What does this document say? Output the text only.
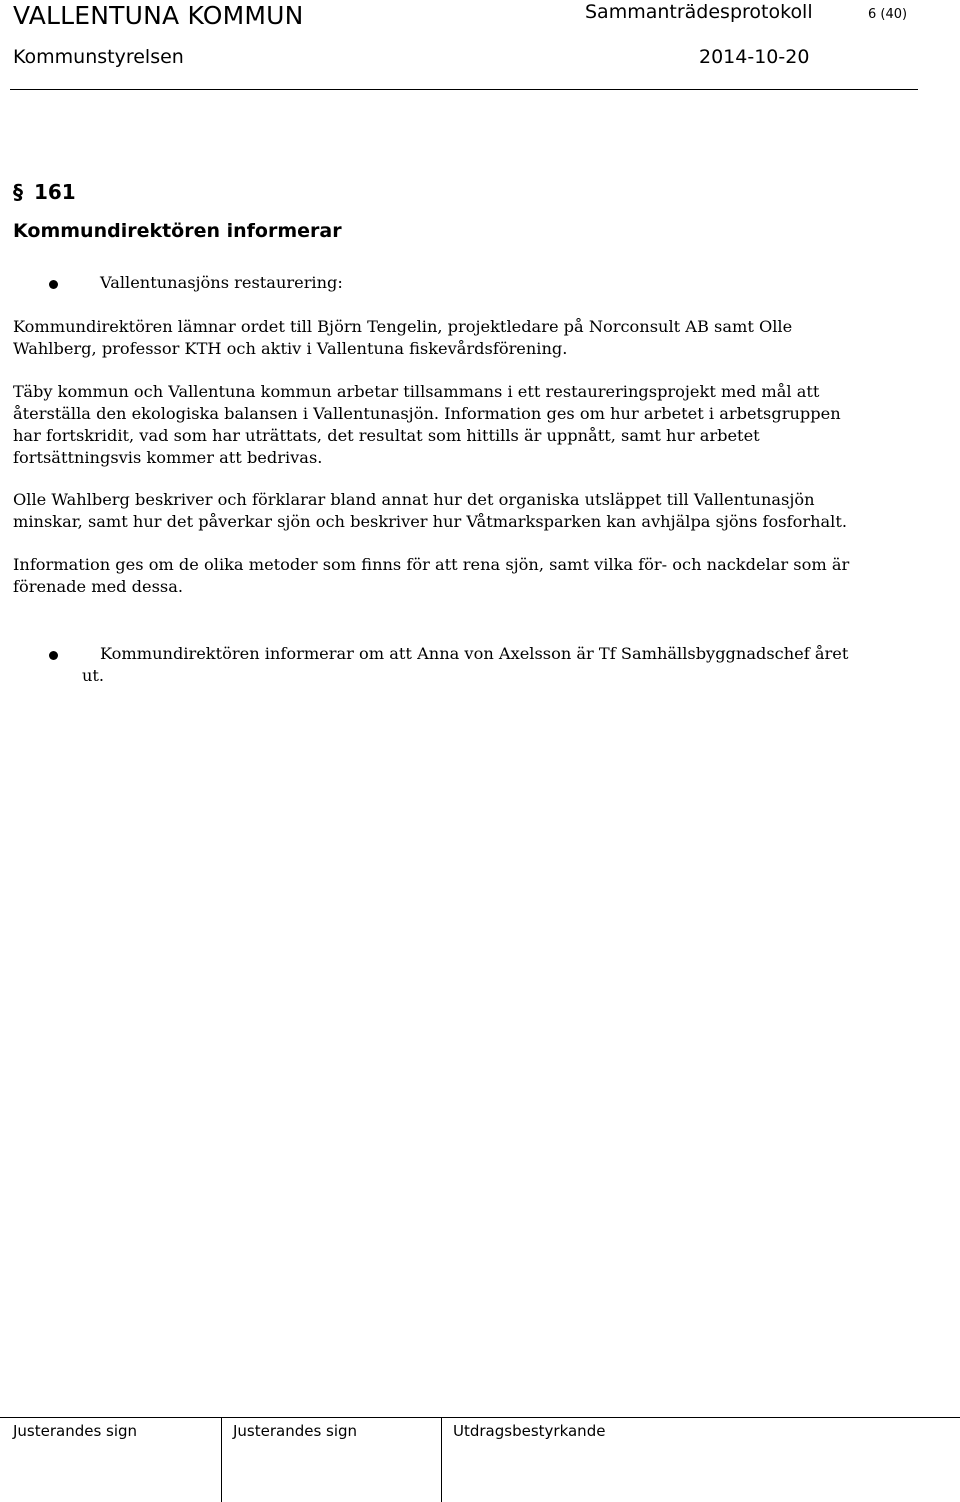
VALLENTUNA KOMMUN	Sammanträdesprotokoll	6 (40)
Kommunstyrelsen	2014-10-20
§ 161
Kommundirektören informerar
Vallentunasjöns restaurering:
Kommundirektören lämnar ordet till Björn Tengelin, projektledare på Norconsult AB samt Olle
Wahlberg, professor KTH och aktiv i Vallentuna fiskevårdsförening.
Täby kommun och Vallentuna kommun arbetar tillsammans i ett restaureringsprojekt med mål att
återställa den ekologiska balansen i Vallentunasjön. Information ges om hur arbetet i arbetsgruppen
har fortskridit, vad som har uträttats, det resultat som hittills är uppnått, samt hur arbetet
fortsättningsvis kommer att bedrivas.
Olle Wahlberg beskriver och förklarar bland annat hur det organiska utsläppet till Vallentunasjön
minskar, samt hur det påverkar sjön och beskriver hur Våtmarksparken kan avhjälpa sjöns fosforhalt.
Information ges om de olika metoder som finns för att rena sjön, samt vilka för- och nackdelar som är
förenade med dessa.
Kommundirektören informerar om att Anna von Axelsson är Tf Samhällsbyggnadschef året
ut.
Justerandes sign	Justerandes sign	Utdragsbestyrkande
